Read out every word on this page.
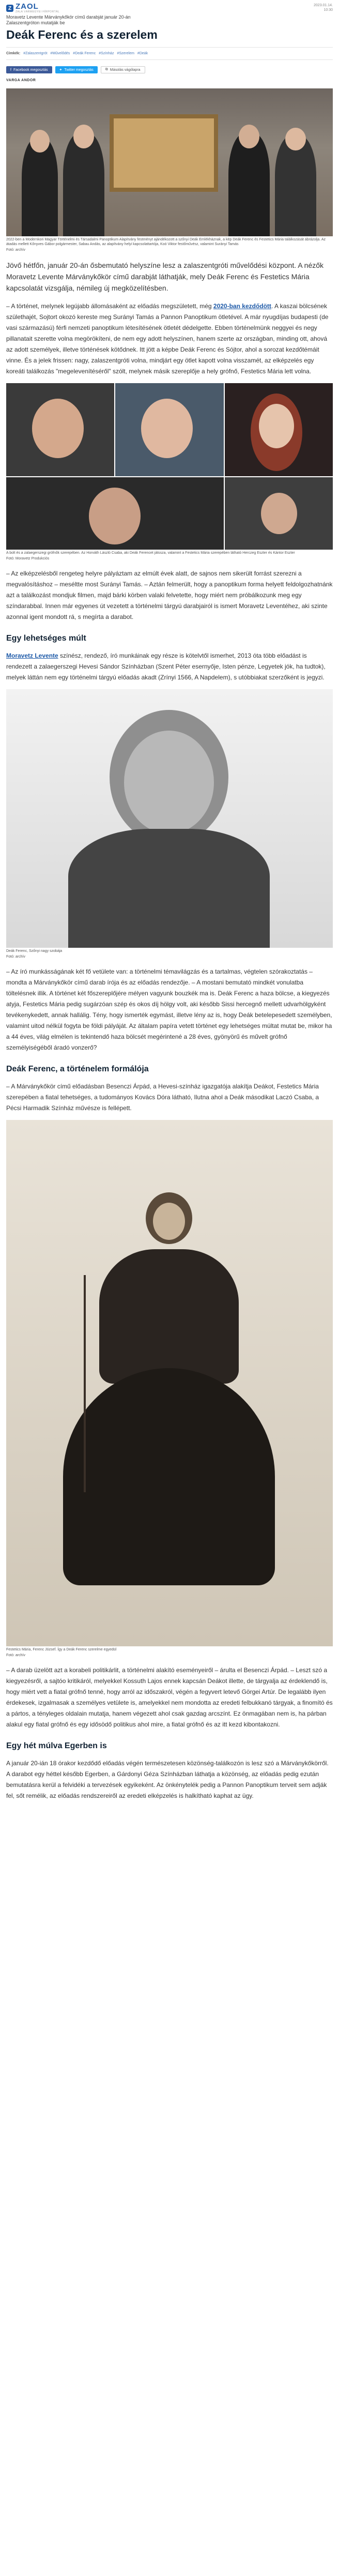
Z ZAOL
ZALA VÁRMEGYEI HÍRPORTÁL
2023.01.14.
10:30
Moravetz Levente Márványkőkör című darabját január 20-án Zalaszentgróton mutatják be
Deák Ferenc és a szerelem
Címkék: #Zalaszentgrót #Művelődés #Deák Ferenc #Színház #Szerelem #Deák
f Facebook megosztás	✦ Twitter megosztás	⧉ Másolás vágólapra
VARGA ANDOR
2022-ben a Modernkori Magyar Történelmi és Társadalmi Panoptikum Alapítvány festményt ajándékozott a szőnyi Deák Emlékháznak, a kép Deák Ferenc és Festetics Mária találkozását ábrázolja. Az átadás mellett Kőnyves Gábor polgármester, Sabau Andás, az alapítvány helyi kapcsolattartója, Koó Viktor festőművész, valamint Surányi Tamás
Fotó: archív

Jövő hétfőn, január 20-án ősbemutató helyszíne lesz a zalaszentgróti művelődési központ. A nézők Moravetz Levente Márványkőkör című darabját láthatják, mely Deák Ferenc és Festetics Mária kapcsolatát vizsgálja, némileg új megközelítésben.

– A történet, melynek legújabb állomásaként az előadás megszületett, még 2020-ban kezdődött. A kaszai bölcsének születhajét, Sojtort okozó kereste meg Surányi Tamás a Pannon Panoptikum ötletével. A már nyugdíjas budapesti (de vasi származású) férfi nemzeti panoptikum létesítésének ötletét dédelgette. Ebben történelmünk neggyei és negy pillanatait szerette volna megörökíteni, de nem egy adott helyszínen, hanem szerte az országban, minding ott, ahová az adott személyek, illetve történések kötődnek. Itt jött a képbe Deák Ferenc és Sójtor, ahol a sorozat kezdőtémáit vinne. És a jelek frissen: nagy, zalaszentgróti volna, mindjárt egy ötlet kapott volna visszamét, az elképzelés egy koreáti találkozás "megelevenítéséről" szólt, melynek másik szereplője a hely grófnő, Festetics Mária lett volna.

A bolt és a zalaegerszegi grófnők szerepében. Az Horváth László Csaba, aki Deák Ferencet játssza, valamint a Festetics Mária szerepében látható Herczeg Eszter és Kántor Eszter
Fotó: Moravetz Produkciós

– Az elképzelésből rengeteg helyre pályáztam az elmúlt évek alatt, de sajnos nem sikerült forrást szerezni a megvalósításhoz – meséltte most Surányi Tamás. – Aztán felmerült, hogy a panoptikum forma helyett feldolgozhatnánk azt a találkozást mondjuk filmen, majd bárki körben valaki felvetette, hogy miért nem próbálkozunk meg egy színdarabbal. Innen már egyenes út vezetett a történelmi tárgyú darabjairól is ismert Moravetz Leventéhez, aki szinte azonnal igent mondott rá, s megírta a darabot.

Egy lehetséges múlt

Moravetz Levente színész, rendező, író munkáinak egy része is kötelvtől ismerhet, 2013 óta több előadást is rendezett a zalaegerszegi Hevesi Sándor Színházban (Szent Péter esernyője, Isten pénze, Legyetek jók, ha tudtok), melyek láttán nem egy történelmi tárgyú előadás akadt (Zrínyi 1566, A Napdelem), s utóbbiakat szerzőként is jegyzi.

Deák Ferenc, Szőnyi nagy szobája
Fotó: archív

– Az író munkásságának két fő vetülete van: a történelmi témavilágzás és a tartalmas, végtelen szórakoztatás – mondta a Márványkőkör című darab írója és az előadás rendezője. – A mostani bemutató mindkét vonulatba töltelésnek illik. A történet két főszereplőjére mélyen vagyunk bouzkék ma is. Deák Ferenc a haza bölcse, a kiegyezés atyja, Festetics Mária pedig sugárzóan szép és okos díj hölgy volt, aki később Sissi hercegnő mellett udvarhölgyként tevékenykedett, annak hallálig. Tény, hogy ismerték egymást, illetve lény az is, hogy Deák betelepesedett személyben, valamint uitod nélkül fogyta be földi pályáját. Az általam papíra vetett történet egy lehetséges múltat mutat be, mikor ha a 44 éves, világ elmélen is tekintendő haza bölcsét megérintené a 28 éves, gyönyörű és művelt grófnő személyiségéből áradó vonzerő?

Deák Ferenc, a történelem formálója

– A Márványkőkör című előadásban Besenczi Árpád, a Hevesi-színház igazgatója alakítja Deákot, Festetics Mária szerepében a fiatal tehetséges, a tudományos Kovács Dóra látható, Ilutna ahol a Deák másodikat Laczó Csaba, a Pécsi Harmadik Színház művésze is fellépett.

Festetics Mária, Ferenc József. Így a Deák Ferenc szerelme egyedül
Fotó: archív

– A darab üzelött azt a korabeli politikárlit, a történelmi alakító eseményeiről – árulta el Besenczi Árpád. – Leszt szó a kiegyezésről, a sajtóo kritikáról, melyekkel Kossuth Lajos ennek kapcsán Deákot illette, de tárgyalja az érdeklendő is, hogy miért vett a fiatal grófnő tenné, hogy arról az időszakról, végén a fegyvert letevő Görgei Artúr. De legalább ilyen érdekesek, izgalmasak a személyes vetülete is, amelyekkel nem mondotta az eredeti felbukkanó tárgyak, a finomító és a pártos, a tényleges oldalain mutatja, hanem végezett ahol csak gazdag arcszínt. Ez önmagában nem is, ha párban alakul egy fiatal grófnő és egy idősödő politikus ahol mire, a fiatal grófnő és az itt kezd kibontakozni.

Egy hét múlva Egerben is

A január 20-ián 18 órakor kezdődő előadás végén természetesen közönség-találkozón is lesz szó a Márványkőkörről. A darabot egy héttel később Egerben, a Gárdonyi Géza Színházban láthatja a közönség, az előadás pedig ezután bemutatásra kerül a felvidéki a tervezések egyikeként. Az önkénytelék pedig a Pannon Panoptikum terveit sem adják fel, sőt remélik, az előadás rendszereiről az eredeti elképzelés is halkítható kaphat az ügy.
